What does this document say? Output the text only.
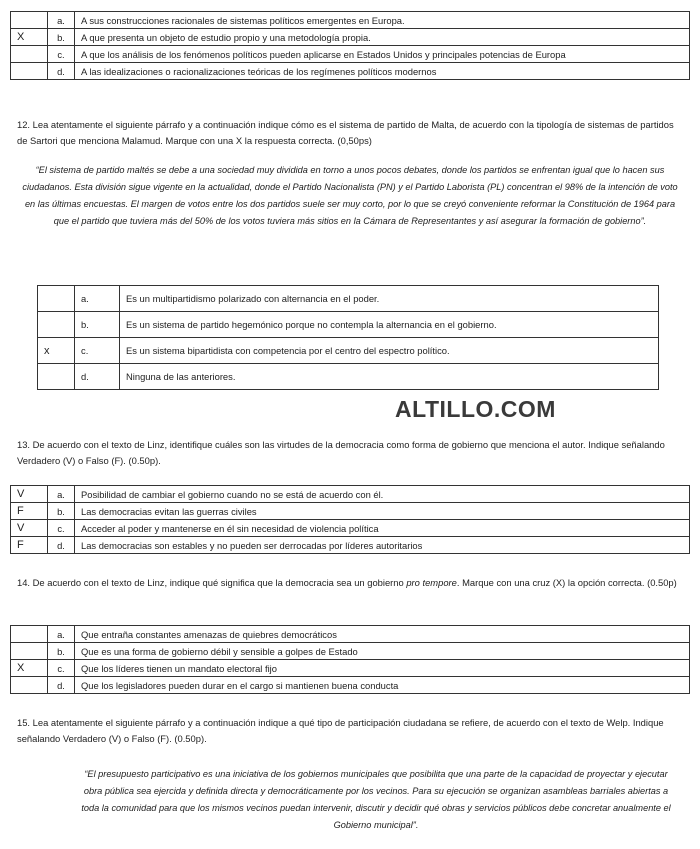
	a.	A sus construcciones racionales de sistemas políticos emergentes en Europa.
X	b.	A que presenta un objeto de estudio propio y una metodología propia.
	c.	A que los análisis de los fenómenos políticos pueden aplicarse en Estados Unidos y principales potencias de Europa
	d.	A las idealizaciones o racionalizaciones teóricas de los regímenes políticos modernos
12. Lea atentamente el siguiente párrafo y a continuación indique cómo es el sistema de partido de Malta, de acuerdo con la tipología de sistemas de partidos de Sartori que menciona Malamud. Marque con una X la respuesta correcta. (0,50ps)
“El sistema de partido maltés se debe a una sociedad muy dividida en torno a unos pocos debates, donde los partidos se enfrentan igual que lo hacen sus ciudadanos. Esta división sigue vigente en la actualidad, donde el Partido Nacionalista (PN) y el Partido Laborista (PL) concentran el 98% de la intención de voto en las últimas encuestas. El margen de votos entre los dos partidos suele ser muy corto, por lo que se creyó conveniente reformar la Constitución de 1964 para que el partido que tuviera más del 50% de los votos tuviera más sitios en la Cámara de Representantes y así asegurar la formación de gobierno”.
	a.	Es un multipartidismo polarizado con alternancia en el poder.
	b.	Es un sistema de partido hegemónico porque no contempla la alternancia en el gobierno.
x	c.	Es un sistema bipartidista con competencia por el centro del espectro político.
	d.	Ninguna de las anteriores.
ALTILLO.COM
13. De acuerdo con el texto de Linz, identifique cuáles son las virtudes de la democracia como forma de gobierno que menciona el autor. Indique señalando Verdadero (V) o Falso (F). (0.50p).
V	a.	Posibilidad de cambiar el gobierno cuando no se está de acuerdo con él.
F	b.	Las democracias evitan las guerras civiles
V	c.	Acceder al poder y mantenerse en él sin necesidad de violencia política
F	d.	Las democracias son estables y no pueden ser derrocadas por líderes autoritarios
14. De acuerdo con el texto de Linz, indique qué significa que la democracia sea un gobierno pro tempore. Marque con una cruz (X) la opción correcta. (0.50p)
	a.	Que entraña constantes amenazas de quiebres democráticos
	b.	Que es una forma de gobierno débil y sensible a golpes de Estado
X	c.	Que los líderes tienen un mandato electoral fijo
	d.	Que los legisladores pueden durar en el cargo si mantienen buena conducta
15. Lea atentamente el siguiente párrafo y a continuación indique a qué tipo de participación ciudadana se refiere, de acuerdo con el texto de Welp. Indique señalando Verdadero (V) o Falso (F). (0.50p).
“El presupuesto participativo es una iniciativa de los gobiernos municipales que posibilita que una parte de la capacidad de proyectar y ejecutar obra pública sea ejercida y definida directa y democráticamente por los vecinos. Para su ejecución se organizan asambleas barriales abiertas a toda la comunidad para que los mismos vecinos puedan intervenir, discutir y decidir qué obras y servicios públicos debe concretar anualmente el Gobierno municipal”.
